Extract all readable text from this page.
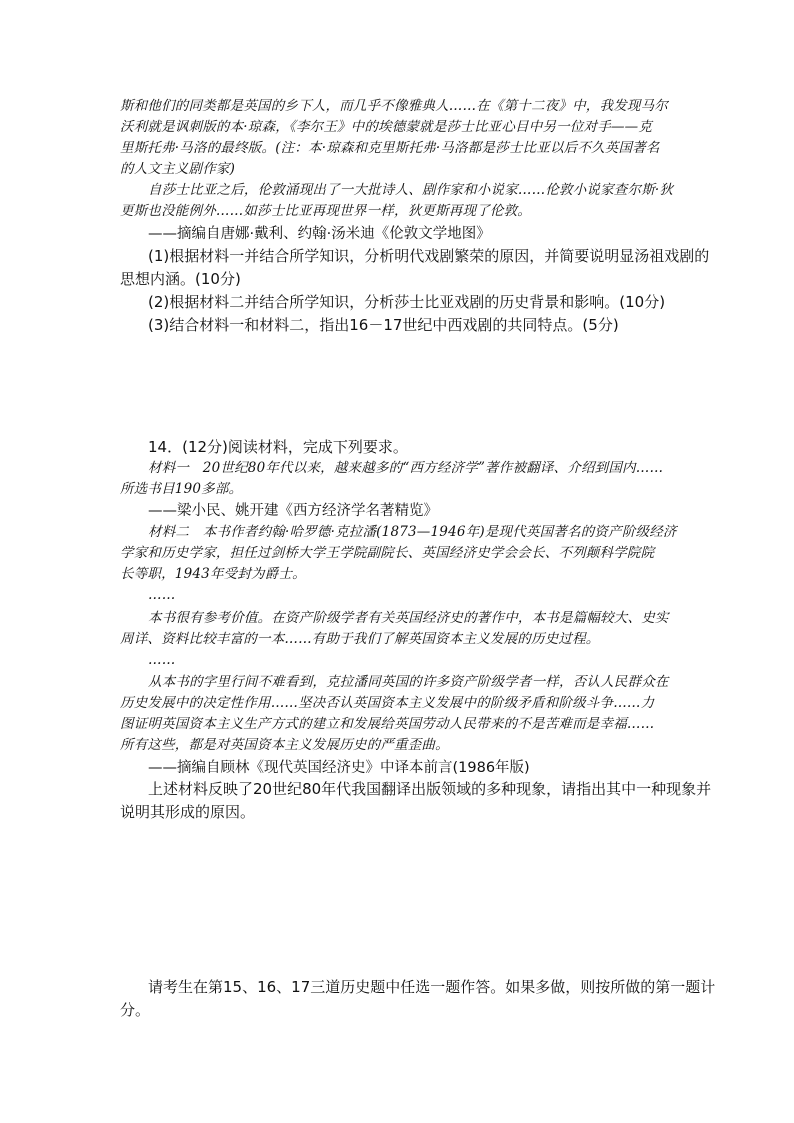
斯和他们的同类都是英国的乡下人，而几乎不像雅典人……在《第十二夜》中，我发现马尔
沃利就是讽刺版的本·琼森，《李尔王》中的埃德蒙就是莎士比亚心目中另一位对手——克
里斯托弗·马洛的最终版。(注：本·琼森和克里斯托弗·马洛都是莎士比亚以后不久英国著名
的人文主义剧作家)
自莎士比亚之后，伦敦涌现出了一大批诗人、剧作家和小说家……伦敦小说家查尔斯·狄
更斯也没能例外……如莎士比亚再现世界一样，狄更斯再现了伦敦。
——摘编自唐娜·戴利、约翰·汤米迪《伦敦文学地图》
(1)根据材料一并结合所学知识，分析明代戏剧繁荣的原因，并简要说明显汤祖戏剧的
思想内涵。(10分)
(2)根据材料二并结合所学知识，分析莎士比亚戏剧的历史背景和影响。(10分)
(3)结合材料一和材料二，指出16－17世纪中西戏剧的共同特点。(5分)
14．(12分)阅读材料，完成下列要求。
材料一　20世纪80年代以来，越来越多的“西方经济学”著作被翻译、介绍到国内……
所选书目190多部。
——梁小民、姚开建《西方经济学名著精览》
材料二　本书作者约翰·哈罗德·克拉潘(1873—1946年)是现代英国著名的资产阶级经济
学家和历史学家，担任过剑桥大学王学院副院长、英国经济史学会会长、不列颠科学院院
长等职，1943年受封为爵士。
……
本书很有参考价值。在资产阶级学者有关英国经济史的著作中，本书是篇幅较大、史实
周详、资料比较丰富的一本……有助于我们了解英国资本主义发展的历史过程。
……
从本书的字里行间不难看到，克拉潘同英国的许多资产阶级学者一样，否认人民群众在
历史发展中的决定性作用……坚决否认英国资本主义发展中的阶级矛盾和阶级斗争……力
图证明英国资本主义生产方式的建立和发展给英国劳动人民带来的不是苦难而是幸福……
所有这些，都是对英国资本主义发展历史的严重歪曲。
——摘编自顾林《现代英国经济史》中译本前言(1986年版)
上述材料反映了20世纪80年代我国翻译出版领域的多种现象，请指出其中一种现象并
说明其形成的原因。
请考生在第15、16、17三道历史题中任选一题作答。如果多做，则按所做的第一题计
分。
